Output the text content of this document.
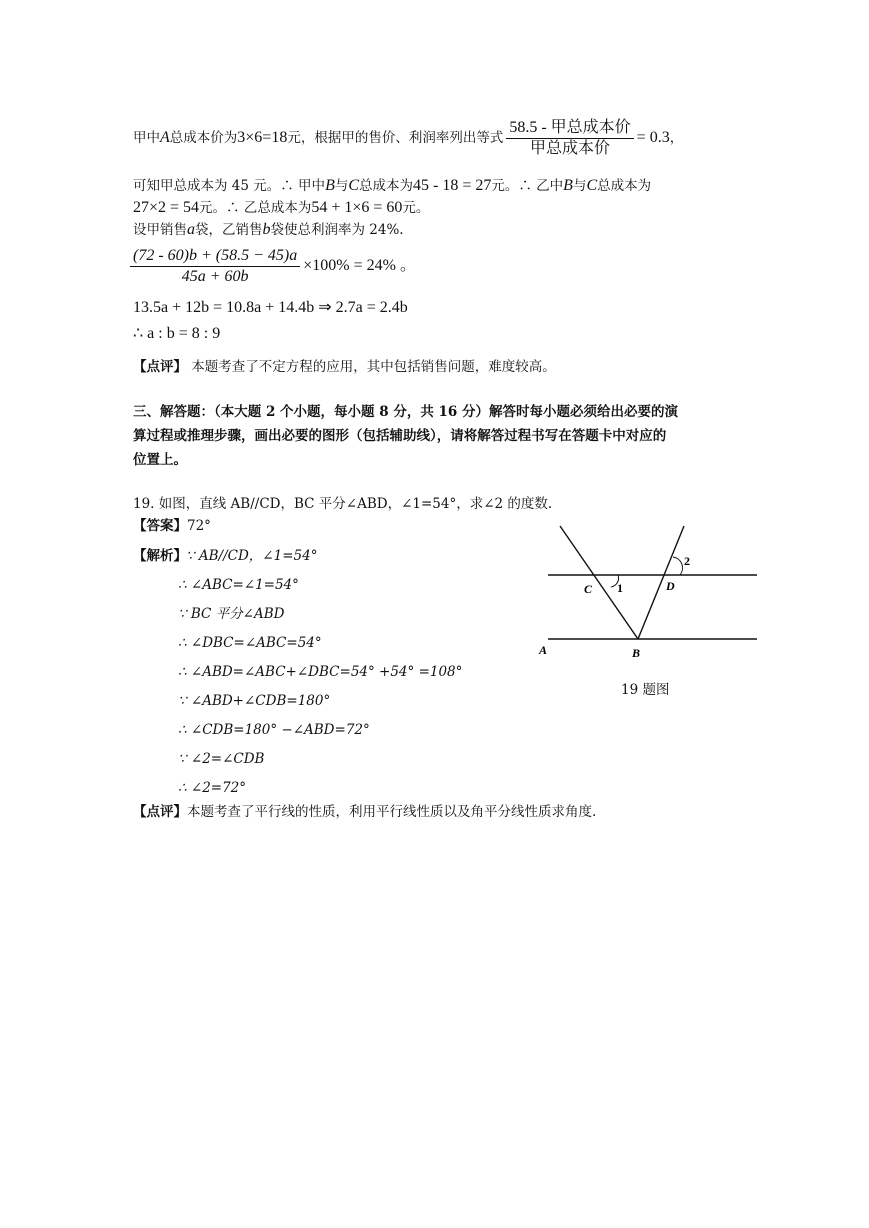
甲中A总成本价为3×6=18元，根据甲的售价、利润率列出等式 $\frac{\text{58.5 - 甲总成本价}}{\text{甲总成本价}} = 0.3$，
可知甲总成本为 45 元。∴ 甲中B与C总成本为45 - 18 = 27元。∴ 乙中B与C总成本为
27×2 = 54元。∴ 乙总成本为54 + 1×6 = 60元。
设甲销售a袋，乙销售b袋使总利润率为 24%.
$\frac{(72 - 60)b + (58.5 - 45)a}{45a + 60b} \times 100\% = 24\%$ 。
13.5a + 12b = 10.8a + 14.4b ⇒ 2.7a = 2.4b
∴ a : b = 8 : 9
【点评】 本题考查了不定方程的应用，其中包括销售问题，难度较高。
三、解答题：（本大题 2 个小题，每小题 8 分，共 16 分）解答时每小题必须给出必要的演
算过程或推理步骤，画出必要的图形（包括辅助线），请将解答过程书写在答题卡中对应的
位置上。
19. 如图，直线 AB//CD，BC 平分∠ABD，∠1=54°，求∠2 的度数.
【答案】72°
【解析】 ∵ AB//CD，∠1=54°
∴ ∠ABC=∠1=54°
∵ BC 平分∠ABD
∴ ∠DBC=∠ABC=54°
∴ ∠ABD=∠ABC+∠DBC=54° +54° =108°
∵ ∠ABD+∠CDB=180°
∴ ∠CDB=180° −∠ABD=72°
∵ ∠2=∠CDB
∴ ∠2=72°
C 1	D
2
A	B
19 题图
【点评】本题考查了平行线的性质，利用平行线性质以及角平分线性质求角度.
